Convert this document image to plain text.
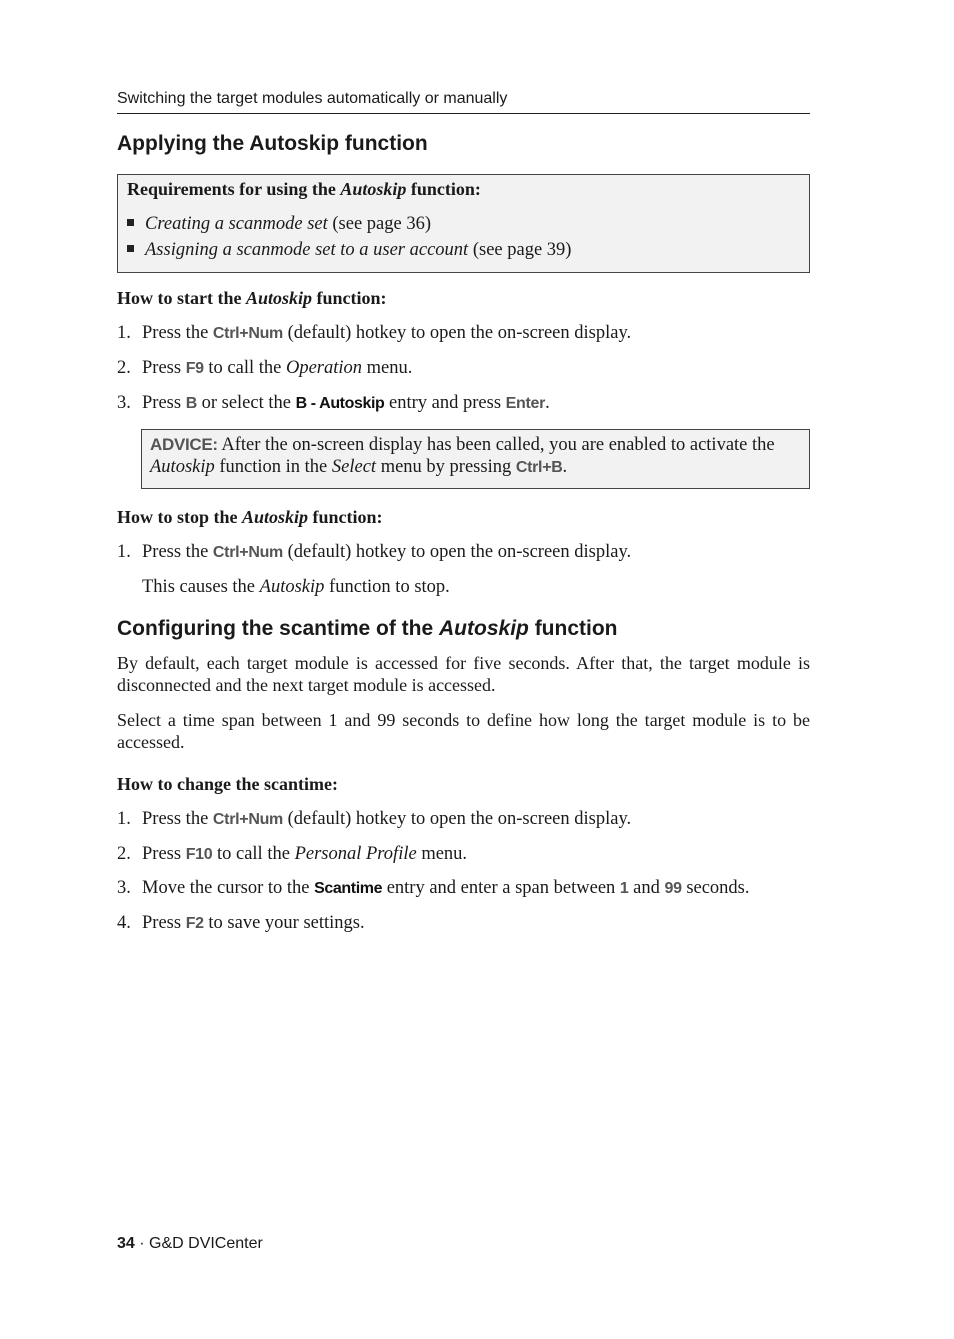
Switching the target modules automatically or manually
Applying the Autoskip function
Requirements for using the Autoskip function:
Creating a scanmode set (see page 36)
Assigning a scanmode set to a user account (see page 39)
How to start the Autoskip function:
1. Press the Ctrl+Num (default) hotkey to open the on-screen display.
2. Press F9 to call the Operation menu.
3. Press B or select the B - Autoskip entry and press Enter.
ADVICE: After the on-screen display has been called, you are enabled to activate the Autoskip function in the Select menu by pressing Ctrl+B.
How to stop the Autoskip function:
1. Press the Ctrl+Num (default) hotkey to open the on-screen display.
This causes the Autoskip function to stop.
Configuring the scantime of the Autoskip function
By default, each target module is accessed for five seconds. After that, the target module is disconnected and the next target module is accessed.
Select a time span between 1 and 99 seconds to define how long the target module is to be accessed.
How to change the scantime:
1. Press the Ctrl+Num (default) hotkey to open the on-screen display.
2. Press F10 to call the Personal Profile menu.
3. Move the cursor to the Scantime entry and enter a span between 1 and 99 seconds.
4. Press F2 to save your settings.
34 · G&D DVICenter
